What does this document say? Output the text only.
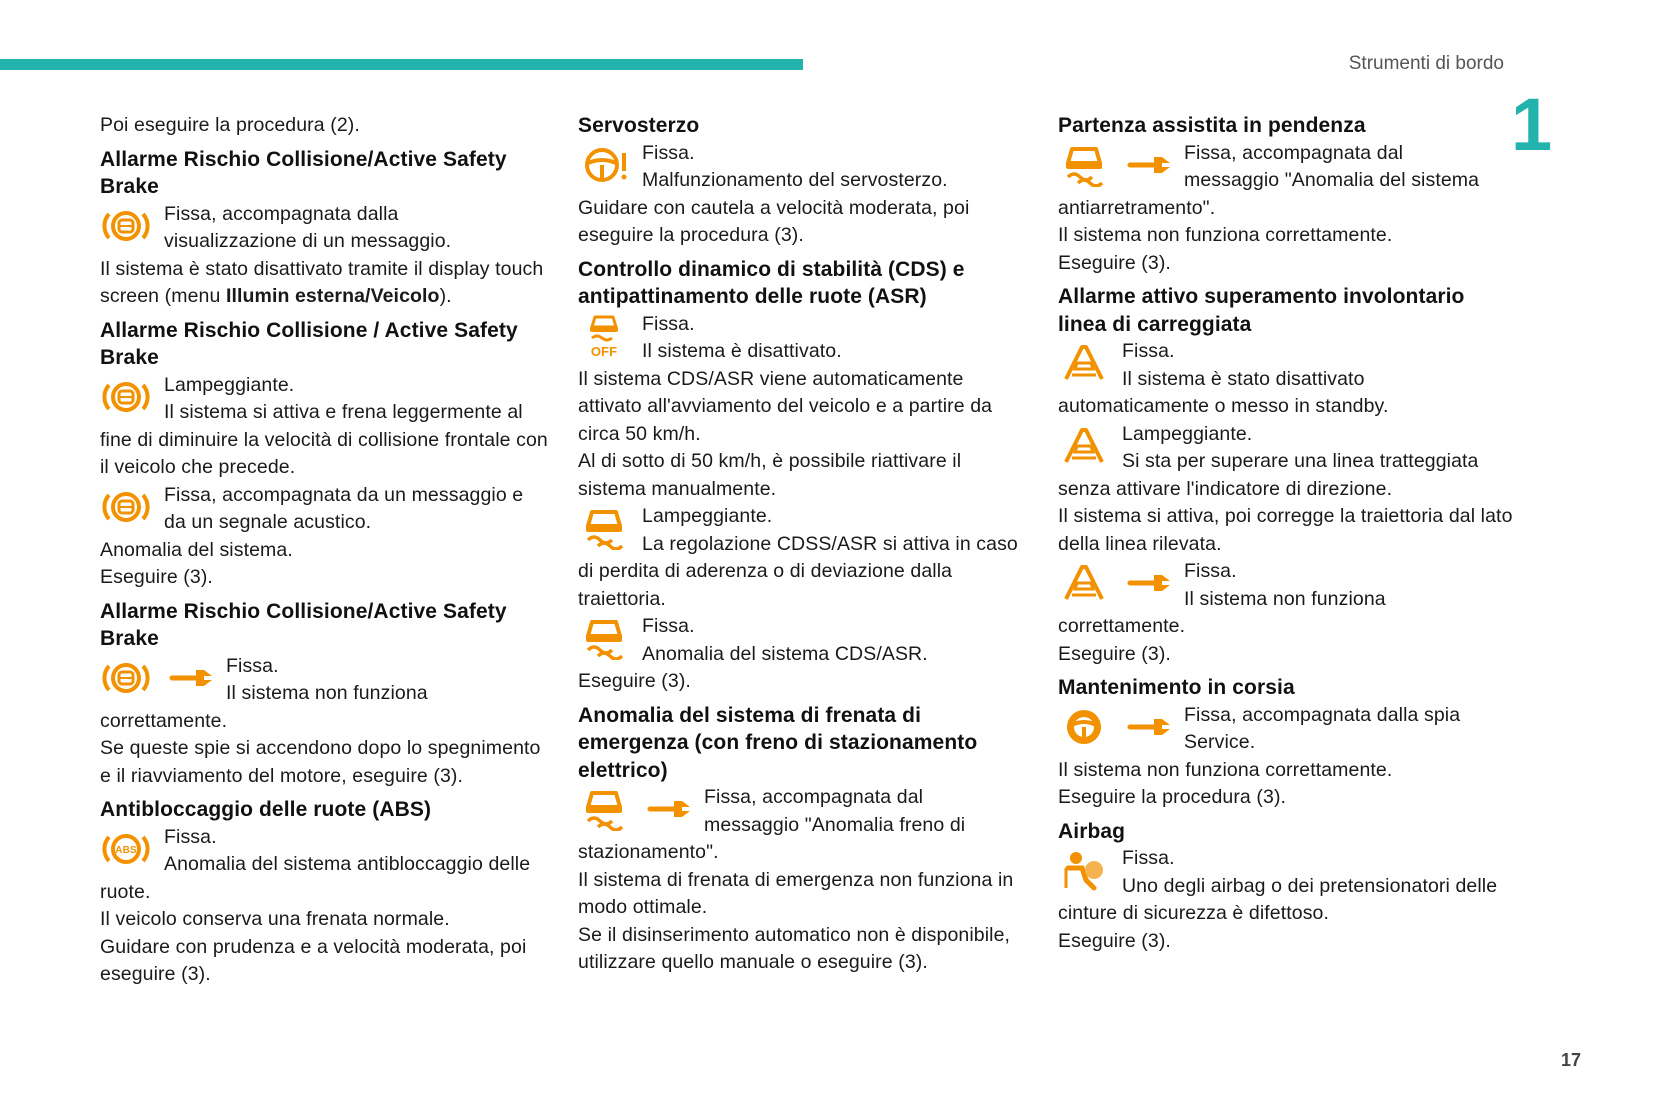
Strumenti di bordo
1
17

Poi eseguire la procedura (2).

Allarme Rischio Collisione/Active Safety Brake
Fissa, accompagnata dalla
visualizzazione di un messaggio.

Il sistema è stato disattivato tramite il display touch screen (menu Illumin esterna/Veicolo).

Allarme Rischio Collisione / Active Safety Brake
Lampeggiante.
Il sistema si attiva e frena leggermente al fine di diminuire la velocità di collisione frontale con il veicolo che precede.
Fissa, accompagnata da un messaggio e
da un segnale acustico.

Anomalia del sistema.

Eseguire (3).

Allarme Rischio Collisione/Active Safety Brake
Fissa.
Il sistema non funziona correttamente.

Se queste spie si accendono dopo lo spegnimento e il riavviamento del motore, eseguire (3).

Antibloccaggio delle ruote (ABS)
Fissa.
Anomalia del sistema antibloccaggio delle ruote.

Il veicolo conserva una frenata normale.

Guidare con prudenza e a velocità moderata, poi eseguire (3).

Servosterzo
Fissa.
Malfunzionamento del servosterzo.

Guidare con cautela a velocità moderata, poi eseguire la procedura (3).

Controllo dinamico di stabilità (CDS) e antipattinamento delle ruote (ASR)
Fissa.
Il sistema è disattivato.

Il sistema CDS/ASR viene automaticamente attivato all'avviamento del veicolo e a partire da circa 50 km/h.

Al di sotto di 50 km/h, è possibile riattivare il sistema manualmente.

Lampeggiante.
La regolazione CDSS/ASR si attiva in caso di perdita di aderenza o di deviazione dalla traiettoria.
Fissa.
Anomalia del sistema CDS/ASR.

Eseguire (3).

Anomalia del sistema di frenata di emergenza (con freno di stazionamento elettrico)
Fissa, accompagnata dal
messaggio "Anomalia freno di stazionamento".

Il sistema di frenata di emergenza non funziona in modo ottimale.

Se il disinserimento automatico non è disponibile, utilizzare quello manuale o eseguire (3).

Partenza assistita in pendenza
Fissa, accompagnata dal
messaggio "Anomalia del sistema antiarretramento".

Il sistema non funziona correttamente.

Eseguire (3).

Allarme attivo superamento involontario linea di carreggiata
Fissa.
Il sistema è stato disattivato automaticamente o messo in standby.
Lampeggiante.
Si sta per superare una linea tratteggiata senza attivare l'indicatore di direzione.

Il sistema si attiva, poi corregge la traiettoria dal lato della linea rilevata.

Fissa.
Il sistema non funziona correttamente.

Eseguire (3).

Mantenimento in corsia
Fissa, accompagnata dalla spia
Service.

Il sistema non funziona correttamente.

Eseguire la procedura (3).

Airbag
Fissa.
Uno degli airbag o dei pretensionatori delle cinture di sicurezza è difettoso.

Eseguire (3).
